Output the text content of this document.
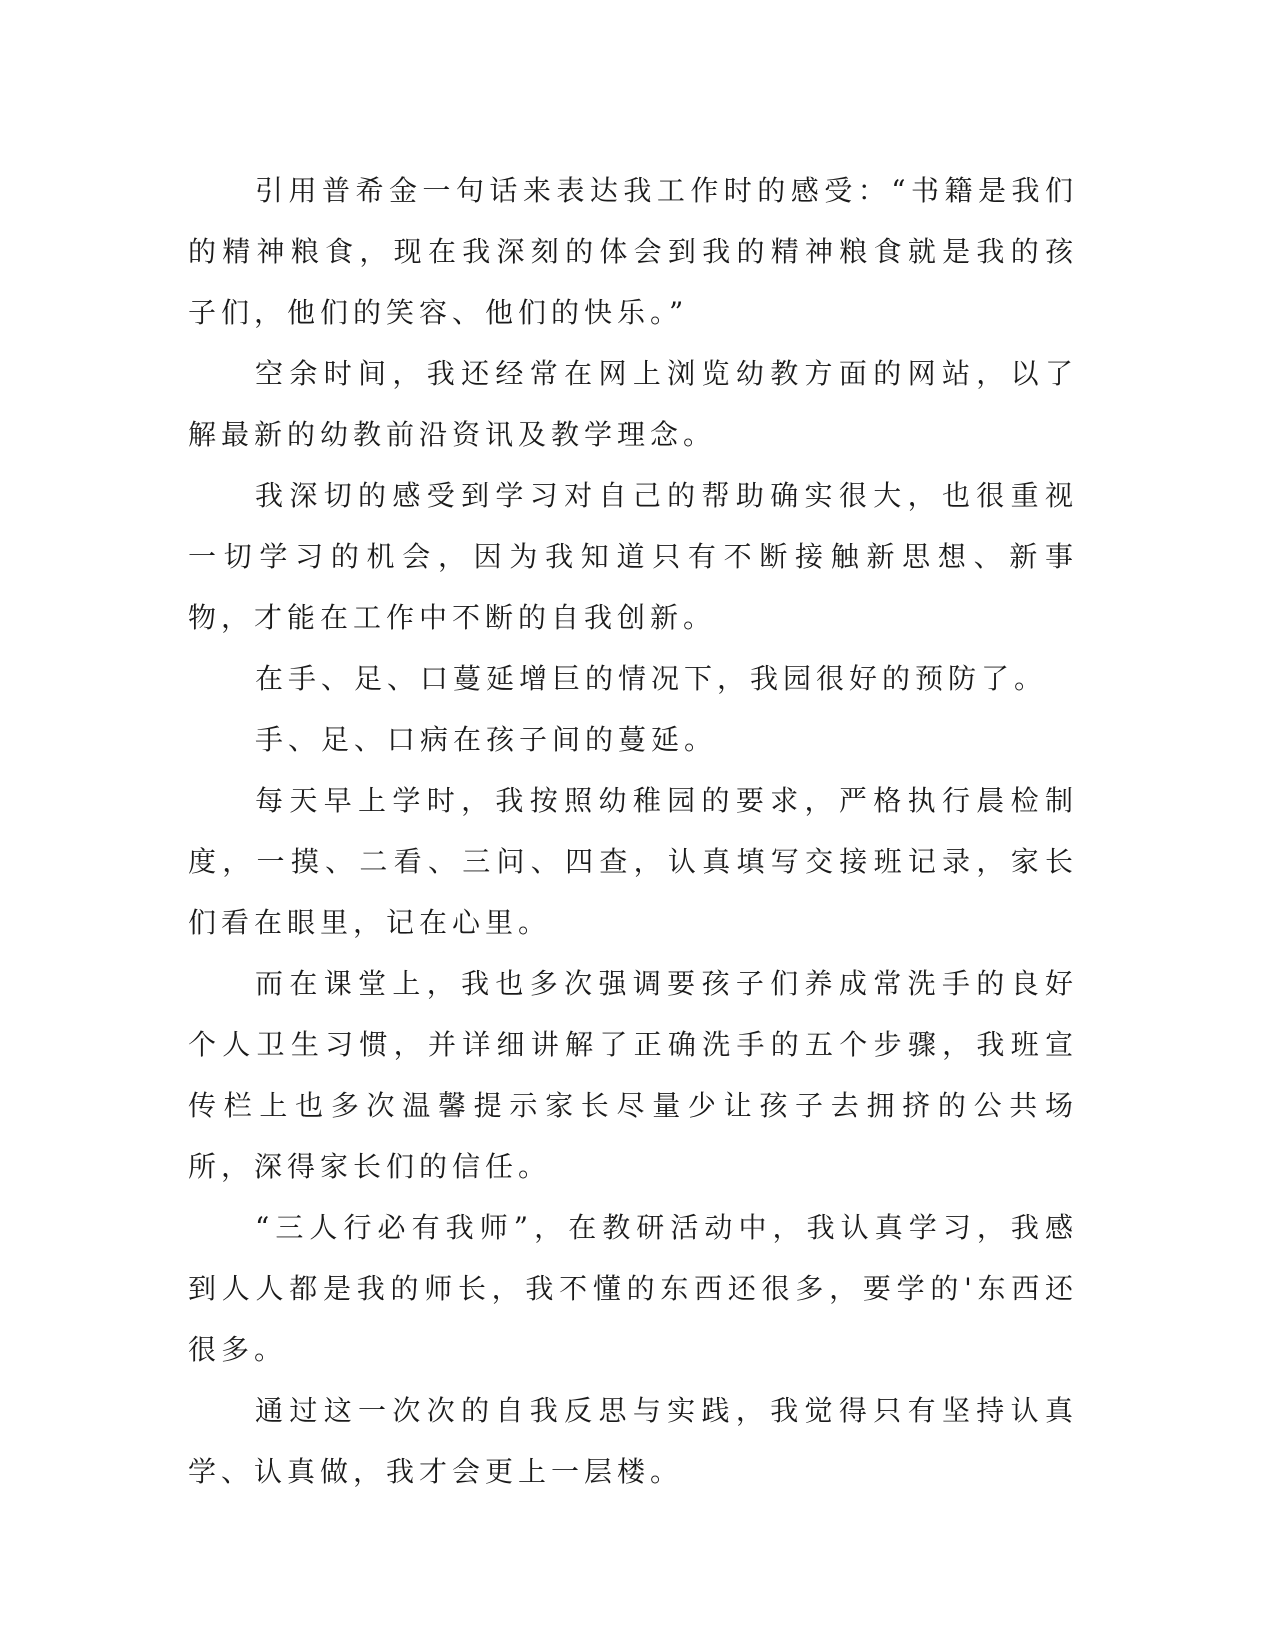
引用普希金一句话来表达我工作时的感受：“书籍是我们的精神粮食，现在我深刻的体会到我的精神粮食就是我的孩子们，他们的笑容、他们的快乐。”

空余时间，我还经常在网上浏览幼教方面的网站，以了解最新的幼教前沿资讯及教学理念。

我深切的感受到学习对自己的帮助确实很大，也很重视一切学习的机会，因为我知道只有不断接触新思想、新事物，才能在工作中不断的自我创新。

在手、足、口蔓延增巨的情况下，我园很好的预防了。

手、足、口病在孩子间的蔓延。

每天早上学时，我按照幼稚园的要求，严格执行晨检制度，一摸、二看、三问、四查，认真填写交接班记录，家长们看在眼里，记在心里。

而在课堂上，我也多次强调要孩子们养成常洗手的良好个人卫生习惯，并详细讲解了正确洗手的五个步骤，我班宣传栏上也多次温馨提示家长尽量少让孩子去拥挤的公共场所，深得家长们的信任。

“三人行必有我师”，在教研活动中，我认真学习，我感到人人都是我的师长，我不懂的东西还很多，要学的'东西还很多。

通过这一次次的自我反思与实践，我觉得只有坚持认真学、认真做，我才会更上一层楼。
